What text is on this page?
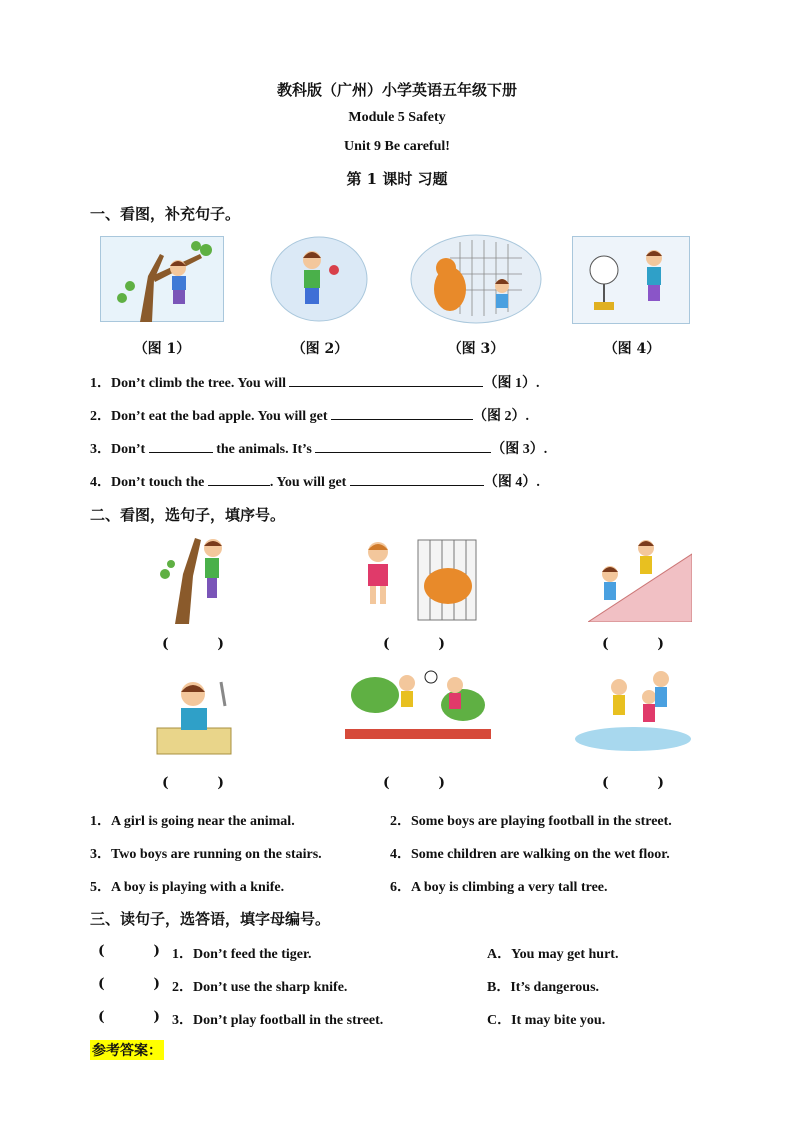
教科版（广州）小学英语五年级下册
Module 5 Safety
Unit 9 Be careful!
第 1 课时 习题
一、看图，补充句子。
（图 1）	（图 2）	（图 3）	（图 4）
1．Don’t climb the tree. You will	（图 1）.
2．Don’t eat the bad apple. You will get	（图 2）.
3．Don’t	the animals. It’s	（图 3）.
4．Don’t touch the	. You will get	（图 4）.
二、看图，选句子，填序号。
(          )	(          )	(          )
(          )	(          )	(          )
1．A girl is going near the animal.	2．Some boys are playing football in the street.
3．Two boys are running on the stairs.	4．Some children are walking on the wet floor.
5．A boy is playing with a knife.	6．A boy is climbing a very tall tree.
三、读句子，选答语，填字母编号。
(          ) 1．Don’t feed the tiger.	A．You may get hurt.
(          ) 2．Don’t use the sharp knife.	B．It’s dangerous.
(          ) 3．Don’t play football in the street.	C．It may bite you.
参考答案：
